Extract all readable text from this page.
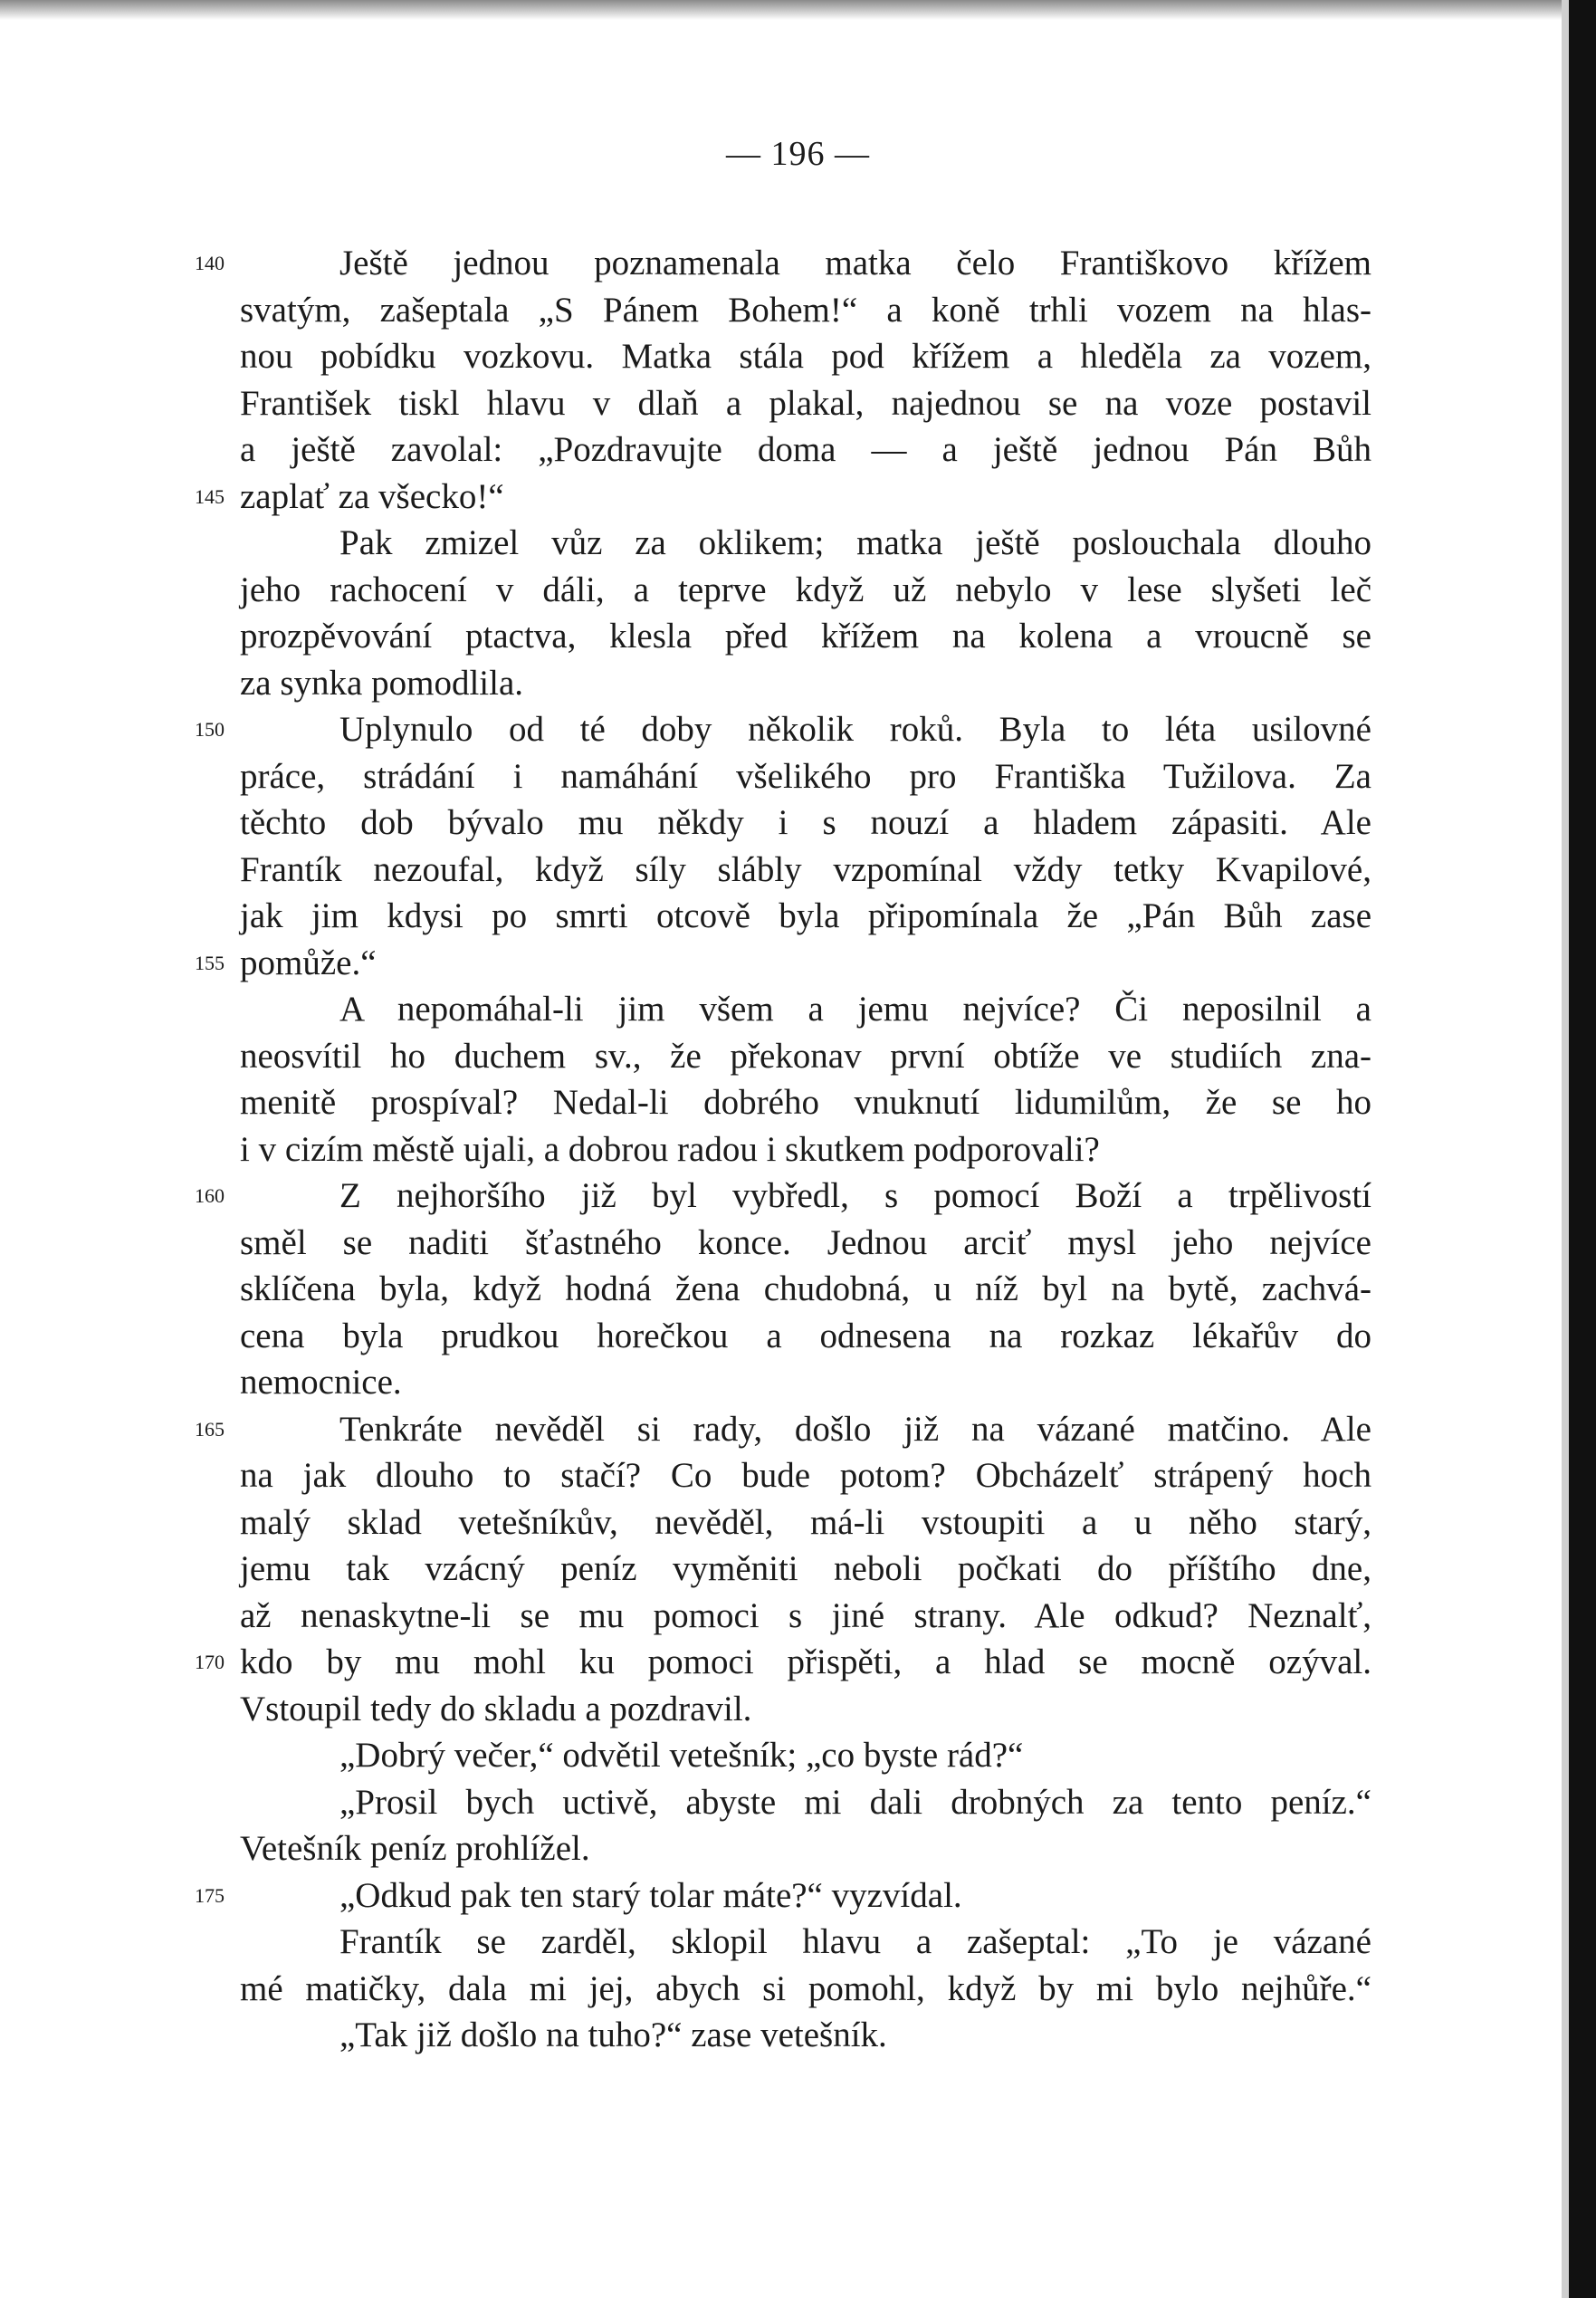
— 196 —
140	Ještě jednou poznamenala matka čelo Františkovo křížem
svatým, zašeptala „S Pánem Bohem!“ a koně trhli vozem na hlas-
nou pobídku vozkovu. Matka stála pod křížem a hleděla za vozem,
František tiskl hlavu v dlaň a plakal, najednou se na voze postavil
a ještě zavolal: „Pozdravujte doma — a ještě jednou Pán Bůh
145 zaplať za všecko!“
Pak zmizel vůz za oklikem; matka ještě poslouchala dlouho
jeho rachocení v dáli, a teprve když už nebylo v lese slyšeti leč
prozpěvování ptactva, klesla před křížem na kolena a vroucně se
za synka pomodlila.
150	Uplynulo od té doby několik roků. Byla to léta usilovné
práce, strádání i namáhání všelikého pro Františka Tužilova. Za
těchto dob bývalo mu někdy i s nouzí a hladem zápasiti. Ale
Frantík nezoufal, když síly slábly vzpomínal vždy tetky Kvapilové,
jak jim kdysi po smrti otcově byla připomínala že „Pán Bůh zase
155 pomůže.“
A nepomáhal-li jim všem a jemu nejvíce? Či neposilnil a
neosvítil ho duchem sv., že překonav první obtíže ve studiích zna-
menitě prospíval? Nedal-li dobrého vnuknutí lidumilům, že se ho
i v cizím městě ujali, a dobrou radou i skutkem podporovali?
160	Z nejhoršího již byl vybředl, s pomocí Boží a trpělivostí
směl se naditi šťastného konce. Jednou arciť mysl jeho nejvíce
sklíčena byla, když hodná žena chudobná, u níž byl na bytě, zachvá-
cena byla prudkou horečkou a odnesena na rozkaz lékařův do
nemocnice.
165	Tenkráte nevěděl si rady, došlo již na vázané matčino. Ale
na jak dlouho to stačí? Co bude potom? Obcházelť strápený hoch
malý sklad vetešníkův, nevěděl, má-li vstoupiti a u něho starý,
jemu tak vzácný peníz vyměniti neboli počkati do příštího dne,
až nenaskytne-li se mu pomoci s jiné strany. Ale odkud? Neznalť,
170 kdo by mu mohl ku pomoci přispěti, a hlad se mocně ozýval.
Vstoupil tedy do skladu a pozdravil.
„Dobrý večer,“ odvětil vetešník; „co byste rád?“
„Prosil bych uctivě, abyste mi dali drobných za tento peníz.“
Vetešník peníz prohlížel.
175	„Odkud pak ten starý tolar máte?“ vyzvídal.
Frantík se zarděl, sklopil hlavu a zašeptal: „To je vázané
mé matičky, dala mi jej, abych si pomohl, když by mi bylo nejhůře.“
„Tak již došlo na tuho?“ zase vetešník.
